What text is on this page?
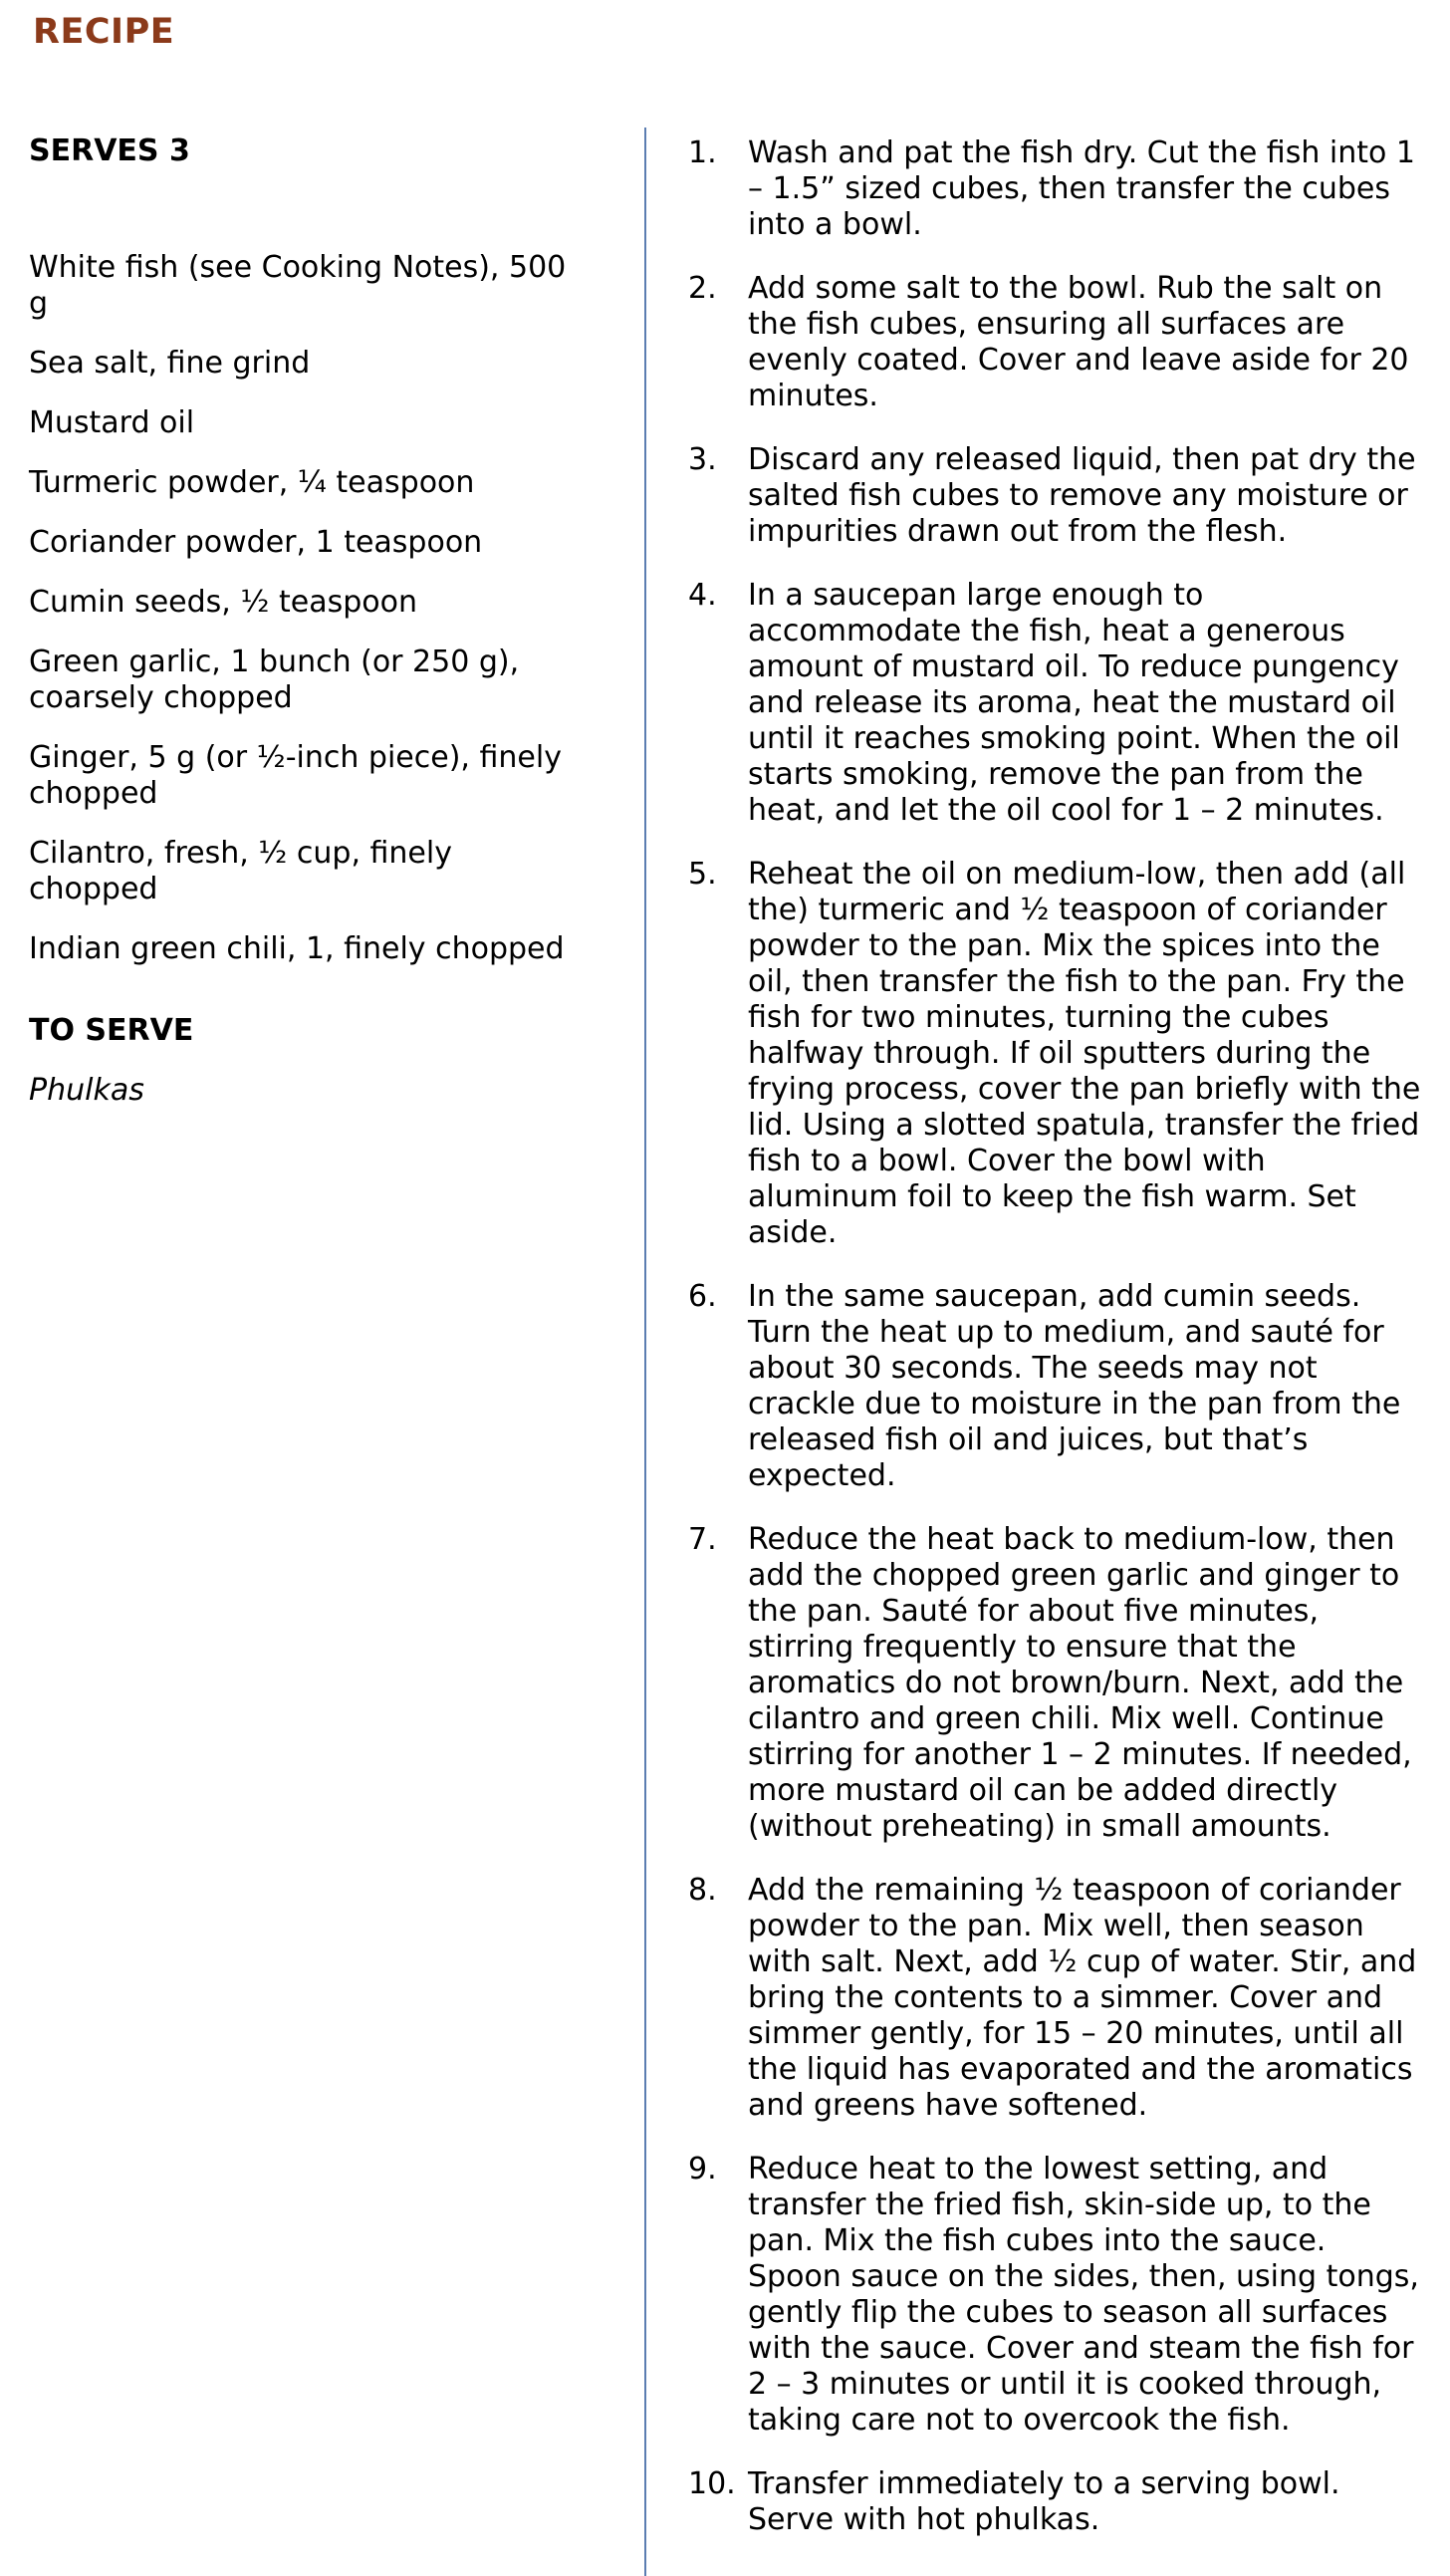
RECIPE

SERVES 3

White fish (see Cooking Notes), 500 g
Sea salt, fine grind
Mustard oil
Turmeric powder, ¼ teaspoon
Coriander powder, 1 teaspoon
Cumin seeds, ½ teaspoon
Green garlic, 1 bunch (or 250 g), coarsely chopped
Ginger, 5 g (or ½-inch piece), finely chopped
Cilantro, fresh, ½ cup, finely chopped
Indian green chili, 1, finely chopped

TO SERVE

Phulkas

1. Wash and pat the fish dry. Cut the fish into 1 – 1.5” sized cubes, then transfer the cubes into a bowl.
2. Add some salt to the bowl. Rub the salt on the fish cubes, ensuring all surfaces are evenly coated. Cover and leave aside for 20 minutes.
3. Discard any released liquid, then pat dry the salted fish cubes to remove any moisture or impurities drawn out from the flesh.
4. In a saucepan large enough to accommodate the fish, heat a generous amount of mustard oil. To reduce pungency and release its aroma, heat the mustard oil until it reaches smoking point. When the oil starts smoking, remove the pan from the heat, and let the oil cool for 1 – 2 minutes.
5. Reheat the oil on medium-low, then add (all the) turmeric and ½ teaspoon of coriander powder to the pan. Mix the spices into the oil, then transfer the fish to the pan. Fry the fish for two minutes, turning the cubes halfway through. If oil sputters during the frying process, cover the pan briefly with the lid. Using a slotted spatula, transfer the fried fish to a bowl. Cover the bowl with aluminum foil to keep the fish warm. Set aside.
6. In the same saucepan, add cumin seeds. Turn the heat up to medium, and sauté for about 30 seconds. The seeds may not crackle due to moisture in the pan from the released fish oil and juices, but that’s expected.
7. Reduce the heat back to medium-low, then add the chopped green garlic and ginger to the pan. Sauté for about five minutes, stirring frequently to ensure that the aromatics do not brown/burn. Next, add the cilantro and green chili. Mix well. Continue stirring for another 1 – 2 minutes. If needed, more mustard oil can be added directly (without preheating) in small amounts.
8. Add the remaining ½ teaspoon of coriander powder to the pan. Mix well, then season with salt. Next, add ½ cup of water. Stir, and bring the contents to a simmer. Cover and simmer gently, for 15 – 20 minutes, until all the liquid has evaporated and the aromatics and greens have softened.
9. Reduce heat to the lowest setting, and transfer the fried fish, skin-side up, to the pan. Mix the fish cubes into the sauce. Spoon sauce on the sides, then, using tongs, gently flip the cubes to season all surfaces with the sauce. Cover and steam the fish for 2 – 3 minutes or until it is cooked through, taking care not to overcook the fish.
10. Transfer immediately to a serving bowl. Serve with hot phulkas.
